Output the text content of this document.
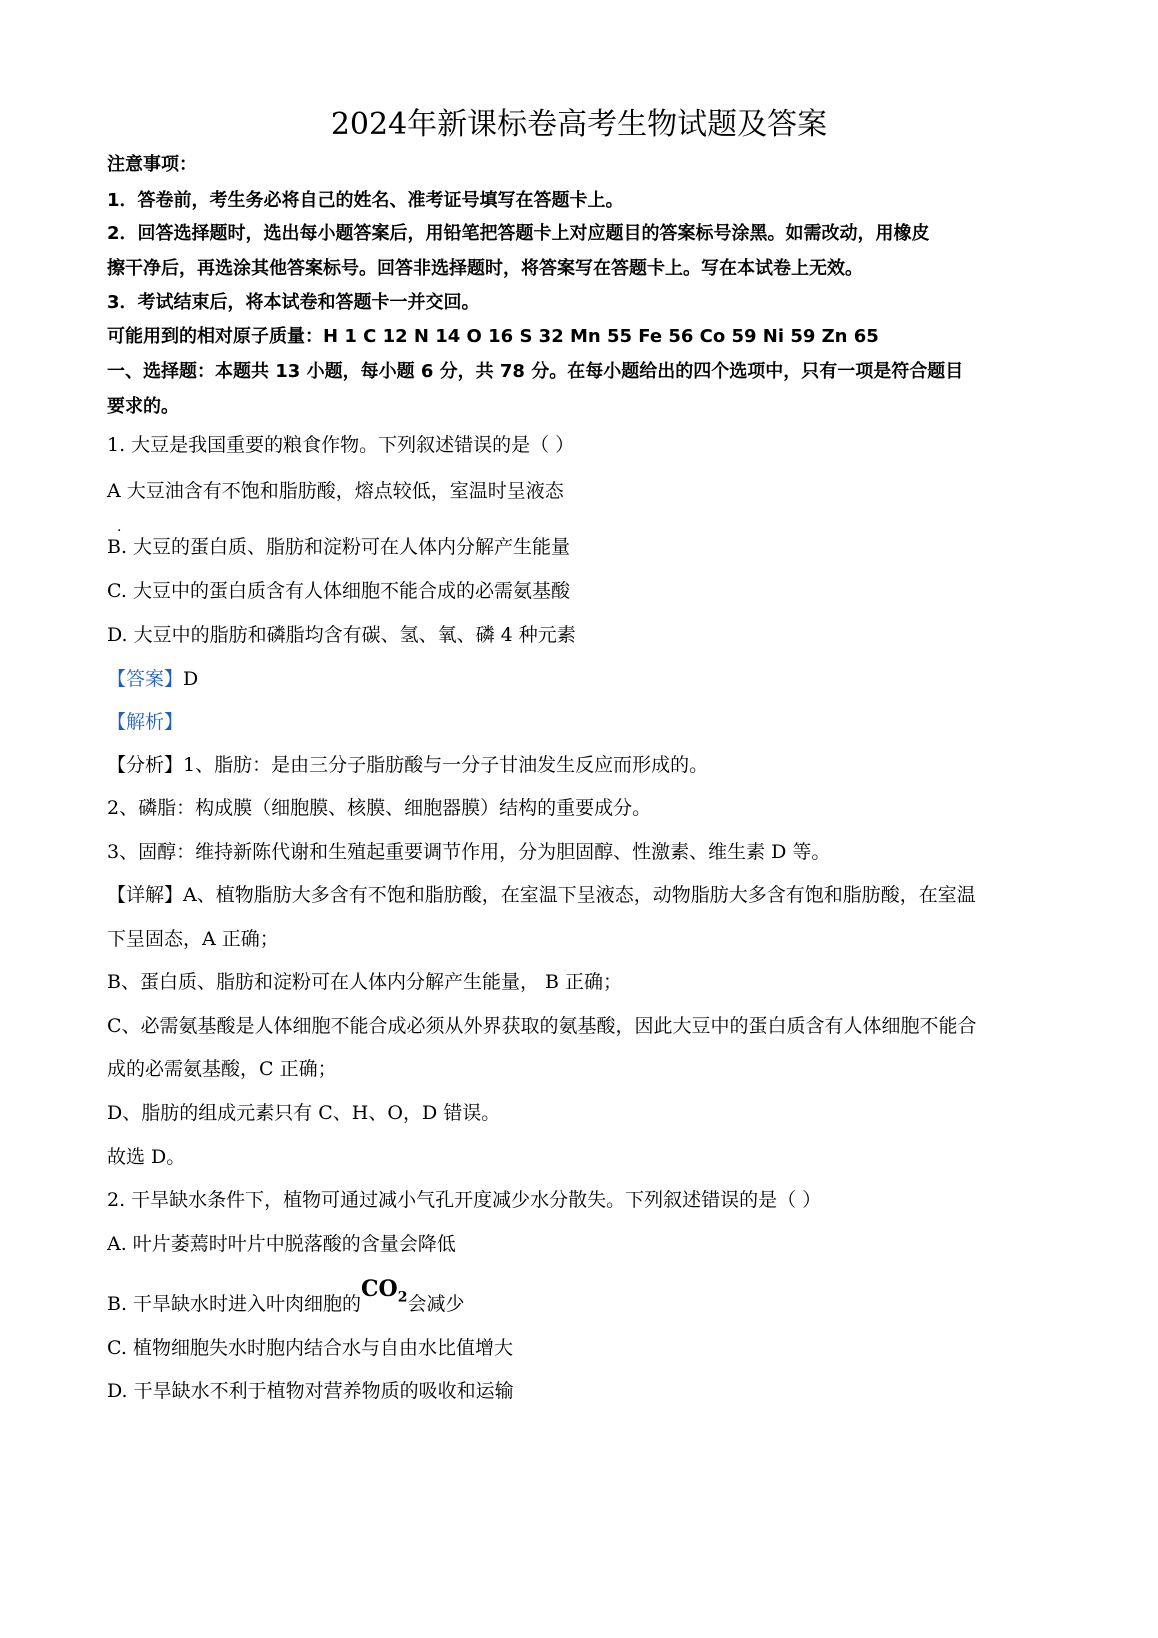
2024年新课标卷高考生物试题及答案
注意事项：
1．答卷前，考生务必将自己的姓名、准考证号填写在答题卡上。
2．回答选择题时，选出每小题答案后，用铅笔把答题卡上对应题目的答案标号涂黑。如需改动，用橡皮
擦干净后，再选涂其他答案标号。回答非选择题时，将答案写在答题卡上。写在本试卷上无效。
3．考试结束后，将本试卷和答题卡一并交回。
可能用到的相对原子质量：H 1 C 12 N 14 O 16 S 32 Mn 55 Fe 56 Co 59 Ni 59 Zn 65
一、选择题：本题共 13 小题，每小题 6 分，共 78 分。在每小题给出的四个选项中，只有一项是符合题目
要求的。
1. 大豆是我国重要的粮食作物。下列叙述错误的是（ ）
A 大豆油含有不饱和脂肪酸，熔点较低，室温时呈液态
·
B. 大豆的蛋白质、脂肪和淀粉可在人体内分解产生能量
C. 大豆中的蛋白质含有人体细胞不能合成的必需氨基酸
D. 大豆中的脂肪和磷脂均含有碳、氢、氧、磷 4 种元素
【答案】D
【解析】
【分析】1、脂肪：是由三分子脂肪酸与一分子甘油发生反应而形成的。
2、磷脂：构成膜（细胞膜、核膜、细胞器膜）结构的重要成分。
3、固醇：维持新陈代谢和生殖起重要调节作用，分为胆固醇、性激素、维生素 D 等。
【详解】A、植物脂肪大多含有不饱和脂肪酸，在室温下呈液态，动物脂肪大多含有饱和脂肪酸，在室温
下呈固态，A 正确；
B、蛋白质、脂肪和淀粉可在人体内分解产生能量， B 正确；
C、必需氨基酸是人体细胞不能合成必须从外界获取的氨基酸，因此大豆中的蛋白质含有人体细胞不能合
成的必需氨基酸，C 正确；
D、脂肪的组成元素只有 C、H、O，D 错误。
故选 D。
2. 干旱缺水条件下，植物可通过减小气孔开度减少水分散失。下列叙述错误的是（ ）
A. 叶片萎蔫时叶片中脱落酸的含量会降低
B. 干旱缺水时进入叶肉细胞的$CO_2$会减少
C. 植物细胞失水时胞内结合水与自由水比值增大
D. 干旱缺水不利于植物对营养物质的吸收和运输
